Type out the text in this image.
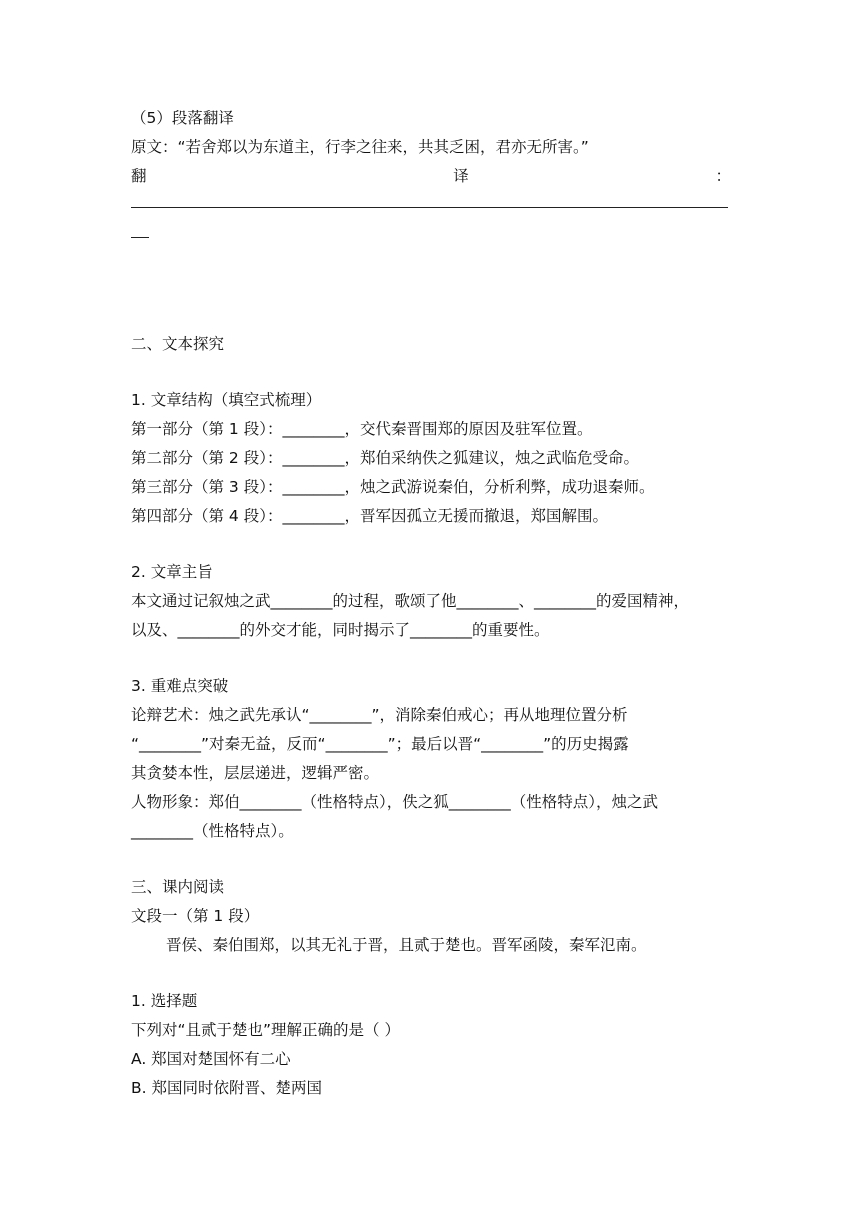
（5）段落翻译
原文：“若舍郑以为东道主，行李之往来，共其乏困，君亦无所害。”
翻	译	：
二、文本探究
1. 文章结构（填空式梳理）
第一部分（第 1 段）：________，交代秦晋围郑的原因及驻军位置。
第二部分（第 2 段）：________，郑伯采纳佚之狐建议，烛之武临危受命。
第三部分（第 3 段）：________，烛之武游说秦伯，分析利弊，成功退秦师。
第四部分（第 4 段）：________，晋军因孤立无援而撤退，郑国解围。
2. 文章主旨
本文通过记叙烛之武________的过程，歌颂了他________、________的爱国精神，
以及、________的外交才能，同时揭示了________的重要性。
3. 重难点突破
论辩艺术：烛之武先承认“________”，消除秦伯戒心；再从地理位置分析
“________”对秦无益，反而“________”；最后以晋“________”的历史揭露
其贪婪本性，层层递进，逻辑严密。
人物形象：郑伯________（性格特点），佚之狐________（性格特点），烛之武
________（性格特点）。
三、课内阅读
文段一（第 1 段）
晋侯、秦伯围郑，以其无礼于晋，且贰于楚也。晋军函陵，秦军氾南。
1. 选择题
下列对“且贰于楚也”理解正确的是（ ）
A. 郑国对楚国怀有二心
B. 郑国同时依附晋、楚两国
